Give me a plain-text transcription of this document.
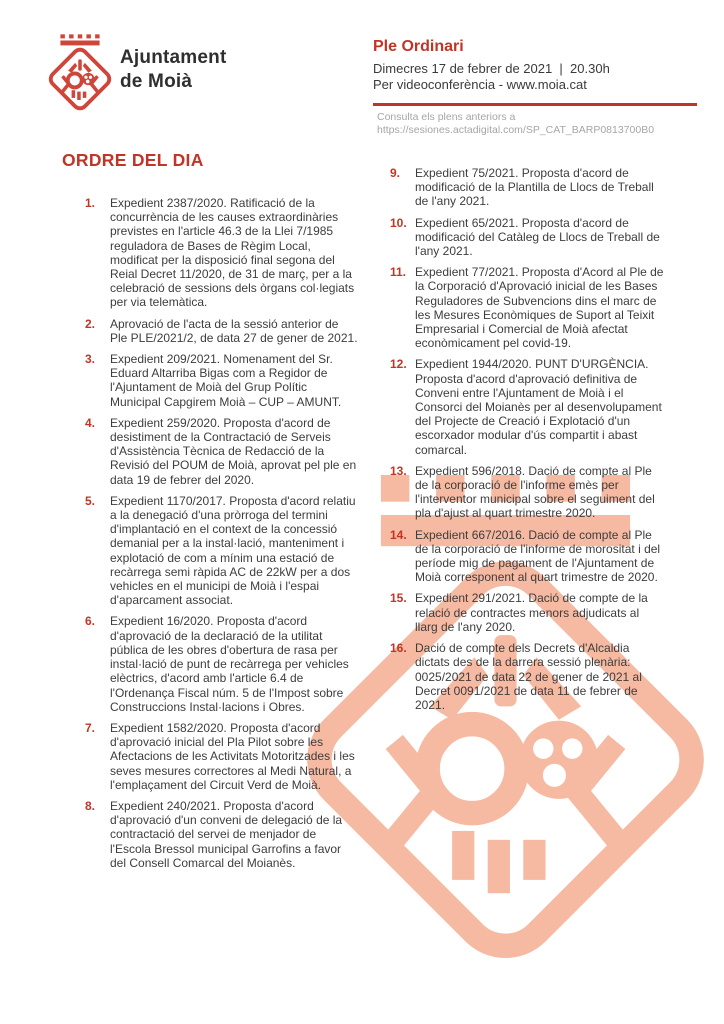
Ajuntament
de Moià
Ple Ordinari
Dimecres 17 de febrer de 2021  |  20.30h
Per videoconferència - www.moia.cat
Consulta els plens anteriors a
https://sesiones.actadigital.com/SP_CAT_BARP0813700B0
ORDRE DEL DIA
1.	Expedient 2387/2020. Ratificació de la concurrència de les causes extraordinàries previstes en l'article 46.3 de la Llei 7/1985 reguladora de Bases de Règim Local, modificat per la disposició final segona del Reial Decret 11/2020, de 31 de març, per a la celebració de sessions dels òrgans col·legiats per via telemàtica.
2.	Aprovació de l'acta de la sessió anterior de Ple PLE/2021/2, de data 27 de gener de 2021.
3.	Expedient 209/2021. Nomenament del Sr. Eduard Altarriba Bigas com a Regidor de l'Ajuntament de Moià del Grup Polític Municipal Capgirem Moià – CUP – AMUNT.
4.	Expedient 259/2020. Proposta d'acord de desistiment de la Contractació de Serveis d'Assistència Tècnica de Redacció de la Revisió del POUM de Moià, aprovat pel ple en data 19 de febrer del 2020.
5.	Expedient 1170/2017. Proposta d'acord relatiu a la denegació d'una pròrroga del termini d'implantació en el context de la concessió demanial per a la instal·lació, manteniment i explotació de com a mínim una estació de recàrrega semi ràpida AC de 22kW per a dos vehicles en el municipi de Moià i l'espai d'aparcament associat.
6.	Expedient 16/2020. Proposta d'acord d'aprovació de la declaració de la utilitat pública de les obres d'obertura de rasa per instal·lació de punt de recàrrega per vehicles elèctrics, d'acord amb l'article 6.4 de l'Ordenança Fiscal núm. 5 de l'Impost sobre Construccions Instal·lacions i Obres.
7.	Expedient 1582/2020. Proposta d'acord d'aprovació inicial del Pla Pilot sobre les Afectacions de les Activitats Motoritzades i les seves mesures correctores al Medi Natural, a l'emplaçament del Circuit Verd de Moià.
8.	Expedient 240/2021. Proposta d'acord d'aprovació d'un conveni de delegació de la contractació del servei de menjador de l'Escola Bressol municipal Garrofins a favor del Consell Comarcal del Moianès.
9.	Expedient 75/2021. Proposta d'acord de modificació de la Plantilla de Llocs de Treball de l'any 2021.
10. Expedient 65/2021. Proposta d'acord de modificació del Catàleg de Llocs de Treball de l'any 2021.
11. Expedient 77/2021. Proposta d'Acord al Ple de la Corporació d'Aprovació inicial de les Bases Reguladores de Subvencions dins el marc de les Mesures Econòmiques de Suport al Teixit Empresarial i Comercial de Moià afectat econòmicament pel covid-19.
12. Expedient 1944/2020. PUNT D'URGÈNCIA. Proposta d'acord d'aprovació definitiva de Conveni entre l'Ajuntament de Moià i el Consorci del Moianès per al desenvolupament del Projecte de Creació i Explotació d'un escorxador modular d'ús compartit i abast comarcal.
13. Expedient 596/2018. Dació de compte al Ple de la corporació de l'informe emès per l'interventor municipal sobre el seguiment del pla d'ajust al quart trimestre 2020.
14. Expedient 667/2016. Dació de compte al Ple de la corporació de l'informe de morositat i del període mig de pagament de l'Ajuntament de Moià corresponent al quart trimestre de 2020.
15. Expedient 291/2021. Dació de compte de la relació de contractes menors adjudicats al llarg de l'any 2020.
16. Dació de compte dels Decrets d'Alcaldia dictats des de la darrera sessió plenària: 0025/2021 de data 22 de gener de 2021 al Decret 0091/2021 de data 11 de febrer de 2021.
